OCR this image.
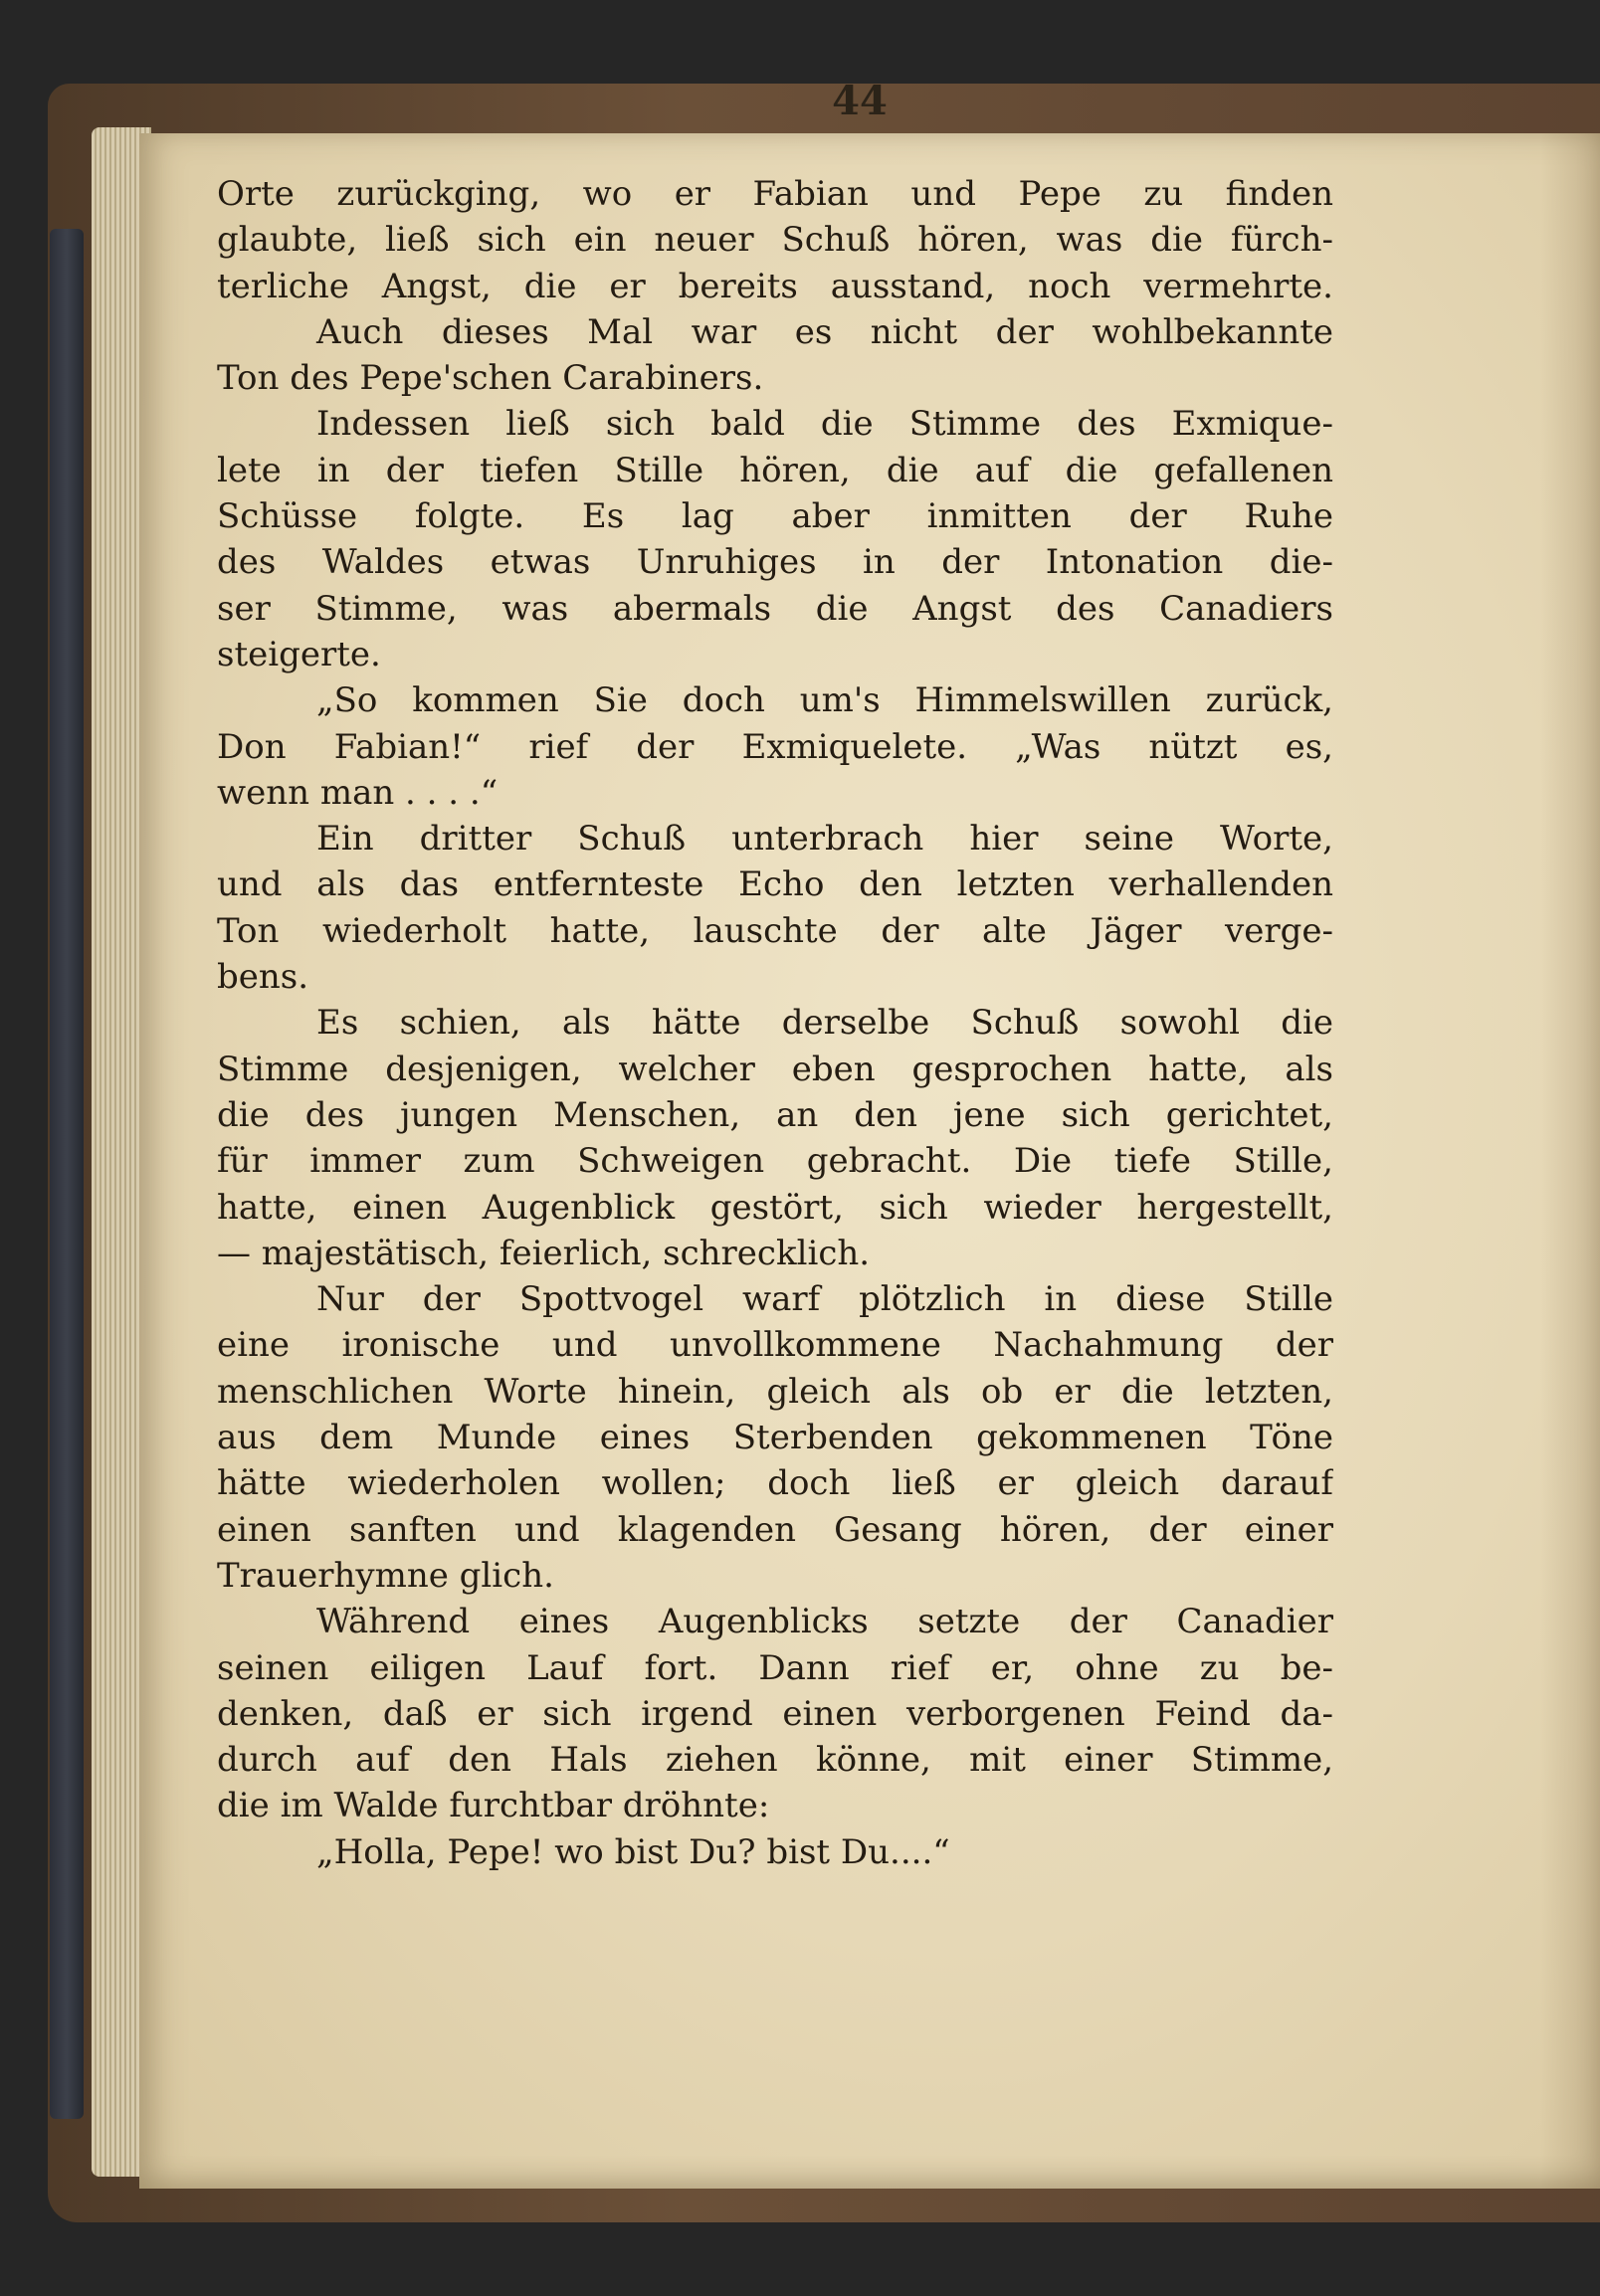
44
Orte zurückging, wo er Fabian und Pepe zu finden
glaubte, ließ sich ein neuer Schuß hören, was die fürch-
terliche Angst, die er bereits ausstand, noch vermehrte.
Auch dieses Mal war es nicht der wohlbekannte
Ton des Pepe'schen Carabiners.
Indessen ließ sich bald die Stimme des Exmique-
lete in der tiefen Stille hören, die auf die gefallenen
Schüsse folgte. Es lag aber inmitten der Ruhe
des Waldes etwas Unruhiges in der Intonation die-
ser Stimme, was abermals die Angst des Canadiers
steigerte.
„So kommen Sie doch um's Himmelswillen zurück,
Don Fabian!“ rief der Exmiquelete. „Was nützt es,
wenn man . . . .“
Ein dritter Schuß unterbrach hier seine Worte,
und als das entfernteste Echo den letzten verhallenden
Ton wiederholt hatte, lauschte der alte Jäger verge-
bens.
Es schien, als hätte derselbe Schuß sowohl die
Stimme desjenigen, welcher eben gesprochen hatte, als
die des jungen Menschen, an den jene sich gerichtet,
für immer zum Schweigen gebracht. Die tiefe Stille,
hatte, einen Augenblick gestört, sich wieder hergestellt,
— majestätisch, feierlich, schrecklich.
Nur der Spottvogel warf plötzlich in diese Stille
eine ironische und unvollkommene Nachahmung der
menschlichen Worte hinein, gleich als ob er die letzten,
aus dem Munde eines Sterbenden gekommenen Töne
hätte wiederholen wollen; doch ließ er gleich darauf
einen sanften und klagenden Gesang hören, der einer
Trauerhymne glich.
Während eines Augenblicks setzte der Canadier
seinen eiligen Lauf fort. Dann rief er, ohne zu be-
denken, daß er sich irgend einen verborgenen Feind da-
durch auf den Hals ziehen könne, mit einer Stimme,
die im Walde furchtbar dröhnte:
„Holla, Pepe! wo bist Du? bist Du....“
